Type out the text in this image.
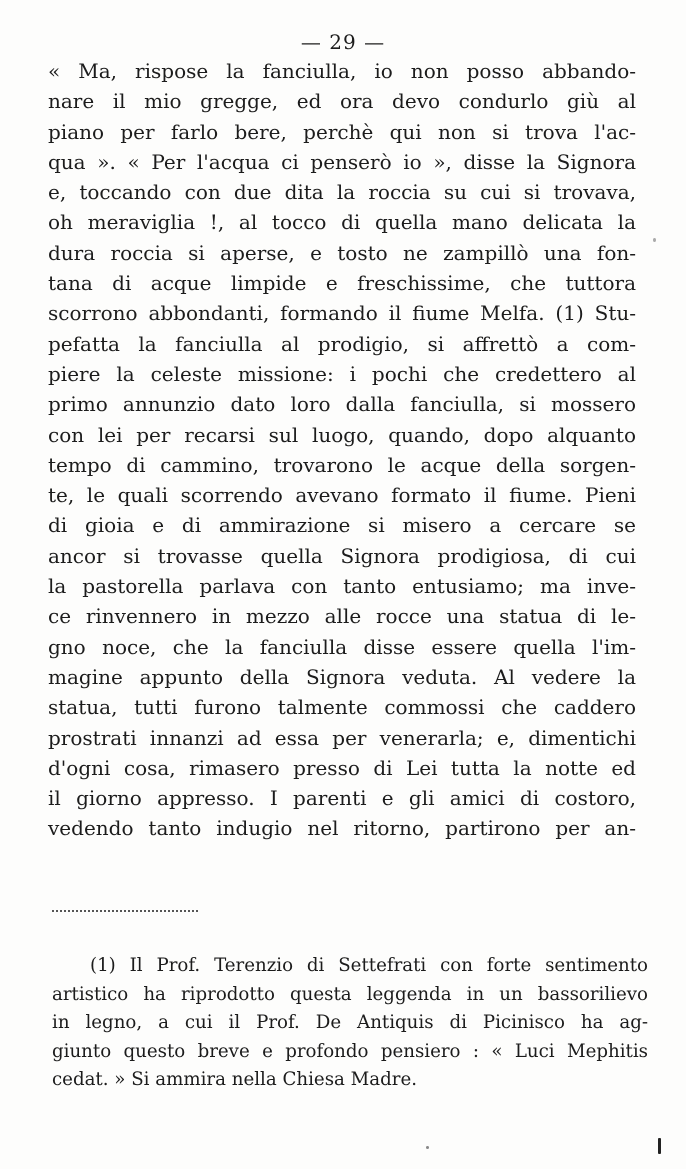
— 29 —
« Ma, rispose la fanciulla, io non posso abbando-
nare il mio gregge, ed ora devo condurlo giù al
piano per farlo bere, perchè qui non si trova l'ac-
qua ». « Per l'acqua ci penserò io », disse la Signora
e, toccando con due dita la roccia su cui si trovava,
oh meraviglia !, al tocco di quella mano delicata la
dura roccia si aperse, e tosto ne zampillò una fon-
tana di acque limpide e freschissime, che tuttora
scorrono abbondanti, formando il fiume Melfa. (1) Stu-
pefatta la fanciulla al prodigio, si affrettò a com-
piere la celeste missione: i pochi che credettero al
primo annunzio dato loro dalla fanciulla, si mossero
con lei per recarsi sul luogo, quando, dopo alquanto
tempo di cammino, trovarono le acque della sorgen-
te, le quali scorrendo avevano formato il fiume. Pieni
di gioia e di ammirazione si misero a cercare se
ancor si trovasse quella Signora prodigiosa, di cui
la pastorella parlava con tanto entusiamo; ma inve-
ce rinvennero in mezzo alle rocce una statua di le-
gno noce, che la fanciulla disse essere quella l'im-
magine appunto della Signora veduta. Al vedere la
statua, tutti furono talmente commossi che caddero
prostrati innanzi ad essa per venerarla; e, dimentichi
d'ogni cosa, rimasero presso di Lei tutta la notte ed
il giorno appresso. I parenti e gli amici di costoro,
vedendo tanto indugio nel ritorno, partirono per an-
(1) Il Prof. Terenzio di Settefrati con forte sentimento
artistico ha riprodotto questa leggenda in un bassorilievo
in legno, a cui il Prof. De Antiquis di Picinisco ha ag-
giunto questo breve e profondo pensiero : « Luci Mephitis
cedat. » Si ammira nella Chiesa Madre.
